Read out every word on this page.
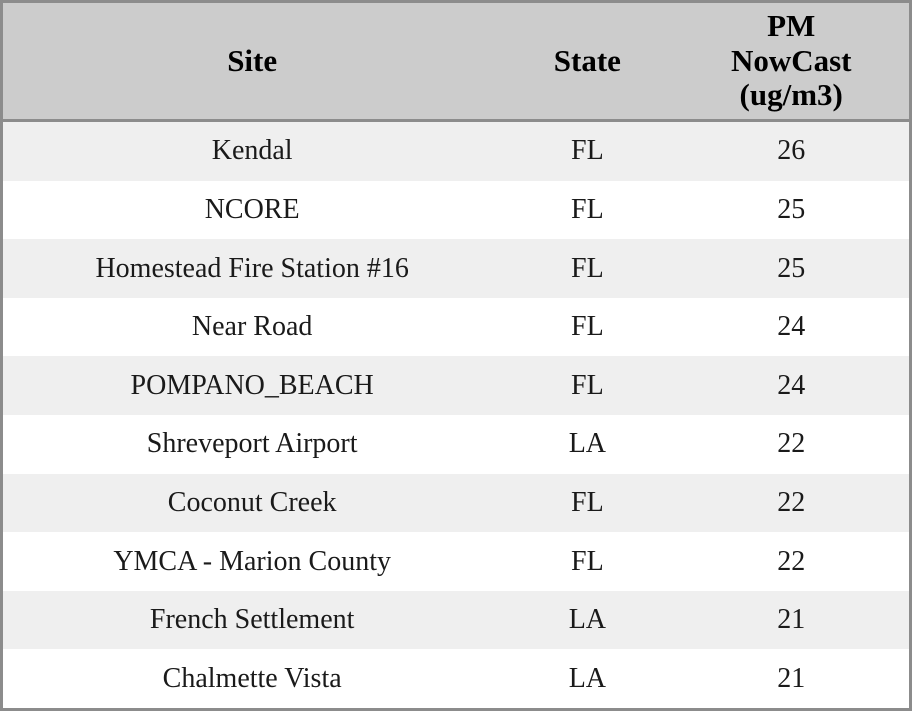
Site	State	PM
NowCast
(ug/m3)

Kendal	FL	26
NCORE	FL	25
Homestead Fire Station #16	FL	25
Near Road	FL	24
POMPANO_BEACH	FL	24
Shreveport Airport	LA	22
Coconut Creek	FL	22
YMCA - Marion County	FL	22
French Settlement	LA	21
Chalmette Vista	LA	21
